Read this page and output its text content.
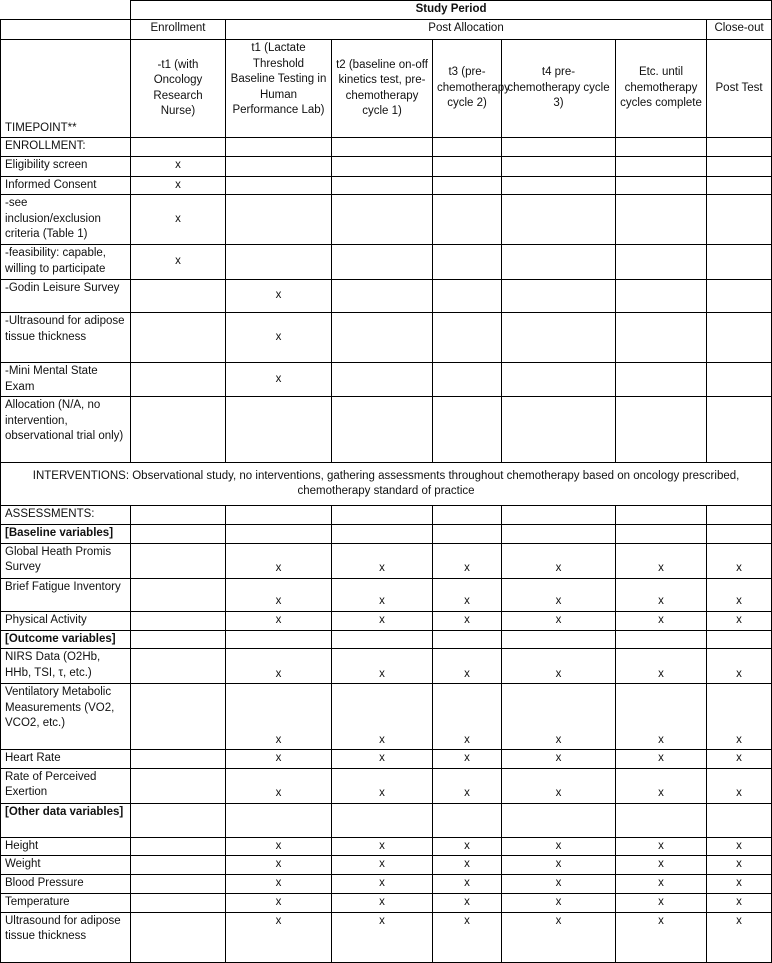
	Study Period						
	Enrollment	Post Allocation					Close-out
TIMEPOINT**	-t1 (with Oncology Research Nurse)	t1 (Lactate Threshold Baseline Testing in Human Performance Lab)	t2 (baseline on-off kinetics test, pre-chemotherapy cycle 1)	t3 (pre-chemotherapy cycle 2)	t4 pre-chemotherapy cycle 3)	Etc. until chemotherapy cycles complete	Post Test
ENROLLMENT:							
Eligibility screen	x						
Informed Consent	x						
-see inclusion/exclusion criteria (Table 1)	x						
-feasibility: capable, willing to participate	x						
-Godin Leisure Survey		x					
-Ultrasound for adipose tissue thickness		x					
-Mini Mental State Exam		x					
Allocation (N/A, no intervention, observational trial only)							
INTERVENTIONS: Observational study, no interventions, gathering assessments throughout chemotherapy based on oncology prescribed, chemotherapy standard of practice							
ASSESSMENTS:							
[Baseline variables]							
Global Heath Promis Survey		x	x	x	x	x	x
Brief Fatigue Inventory		x	x	x	x	x	x
Physical Activity		x	x	x	x	x	x
[Outcome variables]							
NIRS Data (O2Hb, HHb, TSI, τ, etc.)		x	x	x	x	x	x
Ventilatory Metabolic Measurements (VO2, VCO2, etc.)		x	x	x	x	x	x
Heart Rate		x	x	x	x	x	x
Rate of Perceived Exertion		x	x	x	x	x	x
[Other data variables]							
Height		x	x	x	x	x	x
Weight		x	x	x	x	x	x
Blood Pressure		x	x	x	x	x	x
Temperature		x	x	x	x	x	x
Ultrasound for adipose tissue thickness		x	x	x	x	x	x
